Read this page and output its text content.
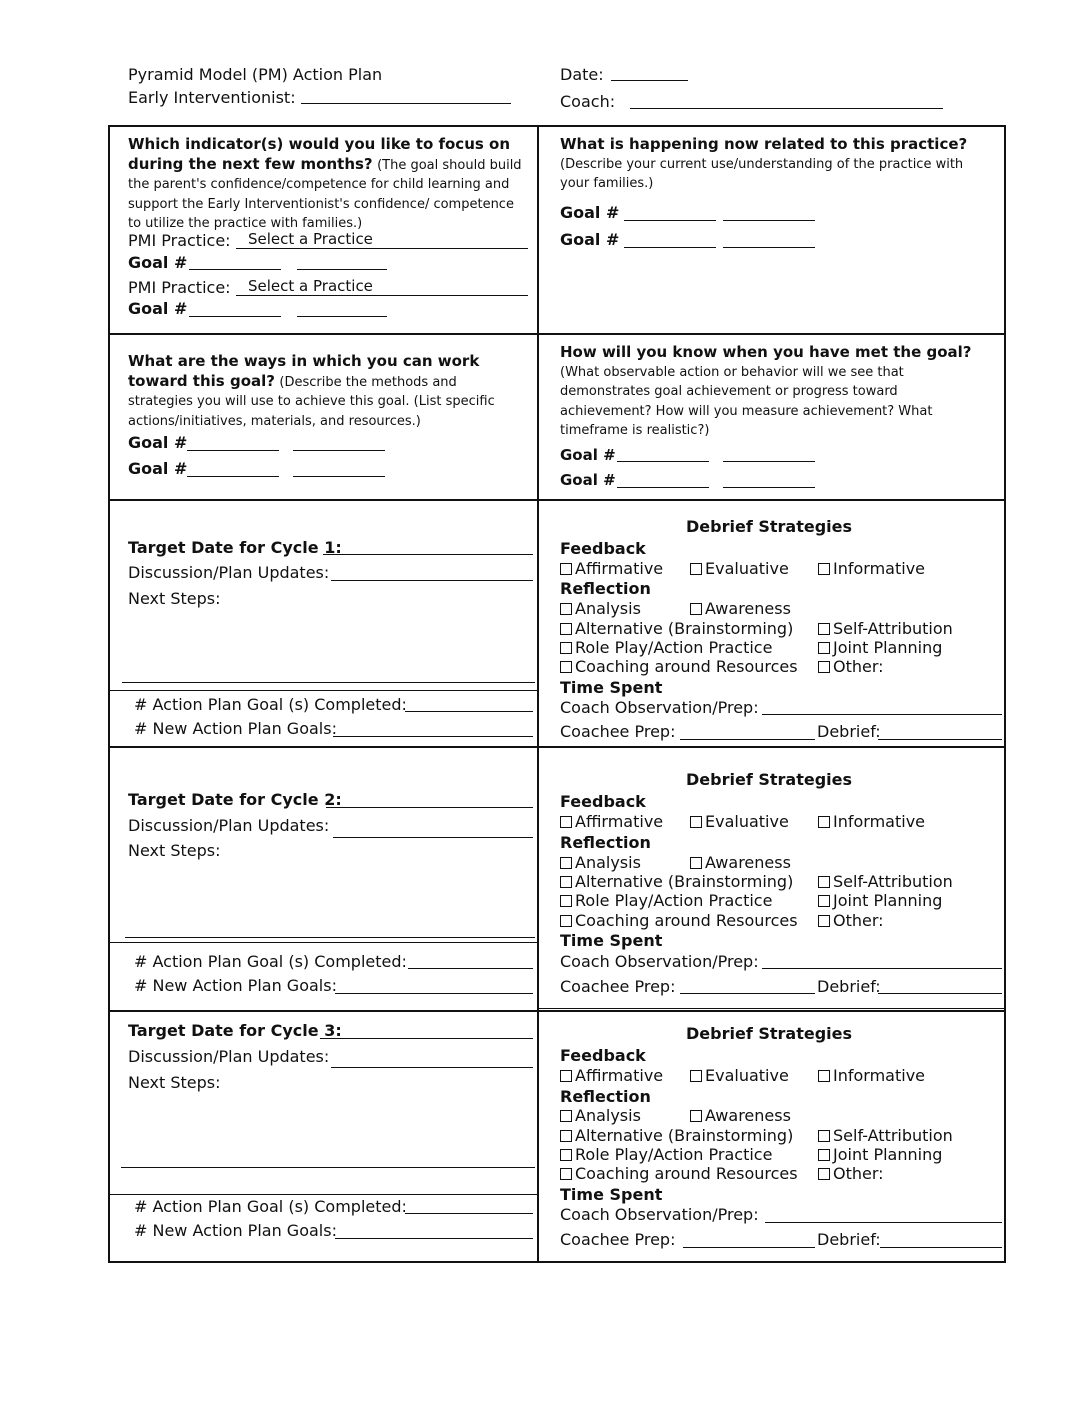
Pyramid Model (PM) Action Plan
Early Interventionist:
Date:
Coach:
Which indicator(s) would you like to focus on during the next few months? (The goal should build the parent's confidence/competence for child learning and support the Early Interventionist's confidence/ competence to utilize the practice with families.)
PMI Practice:	Select a Practice
Goal #
PMI Practice:	Select a Practice
Goal #
What is happening now related to this practice? (Describe your current use/understanding of the practice with your families.)
Goal #
Goal #
What are the ways in which you can work toward this goal? (Describe the methods and strategies you will use to achieve this goal. (List specific actions/initiatives, materials, and resources.)
Goal #
Goal #
How will you know when you have met the goal? (What observable action or behavior will we see that demonstrates goal achievement or progress toward achievement? How will you measure achievement? What timeframe is realistic?)
Goal #
Goal #
Target Date for Cycle 1:
Discussion/Plan Updates:
Next Steps:
# Action Plan Goal (s) Completed:
# New Action Plan Goals:
Target Date for Cycle 2:
Discussion/Plan Updates:
Next Steps:
# Action Plan Goal (s) Completed:
# New Action Plan Goals:
Target Date for Cycle 3:
Discussion/Plan Updates:
Next Steps:
# Action Plan Goal (s) Completed:
# New Action Plan Goals:
Debrief Strategies
Feedback
Affirmative	Evaluative	Informative
Reflection
Analysis	Awareness
Alternative (Brainstorming)	Self-Attribution
Role Play/Action Practice	Joint Planning
Coaching around Resources	Other:
Time Spent
Coach Observation/Prep:
Coachee Prep:	Debrief:
Debrief Strategies
Feedback
Affirmative	Evaluative	Informative
Reflection
Analysis	Awareness
Alternative (Brainstorming)	Self-Attribution
Role Play/Action Practice	Joint Planning
Coaching around Resources	Other:
Time Spent
Coach Observation/Prep:
Coachee Prep:	Debrief:
Debrief Strategies
Feedback
Affirmative	Evaluative	Informative
Reflection
Analysis	Awareness
Alternative (Brainstorming)	Self-Attribution
Role Play/Action Practice	Joint Planning
Coaching around Resources	Other:
Time Spent
Coach Observation/Prep:
Coachee Prep:	Debrief:
